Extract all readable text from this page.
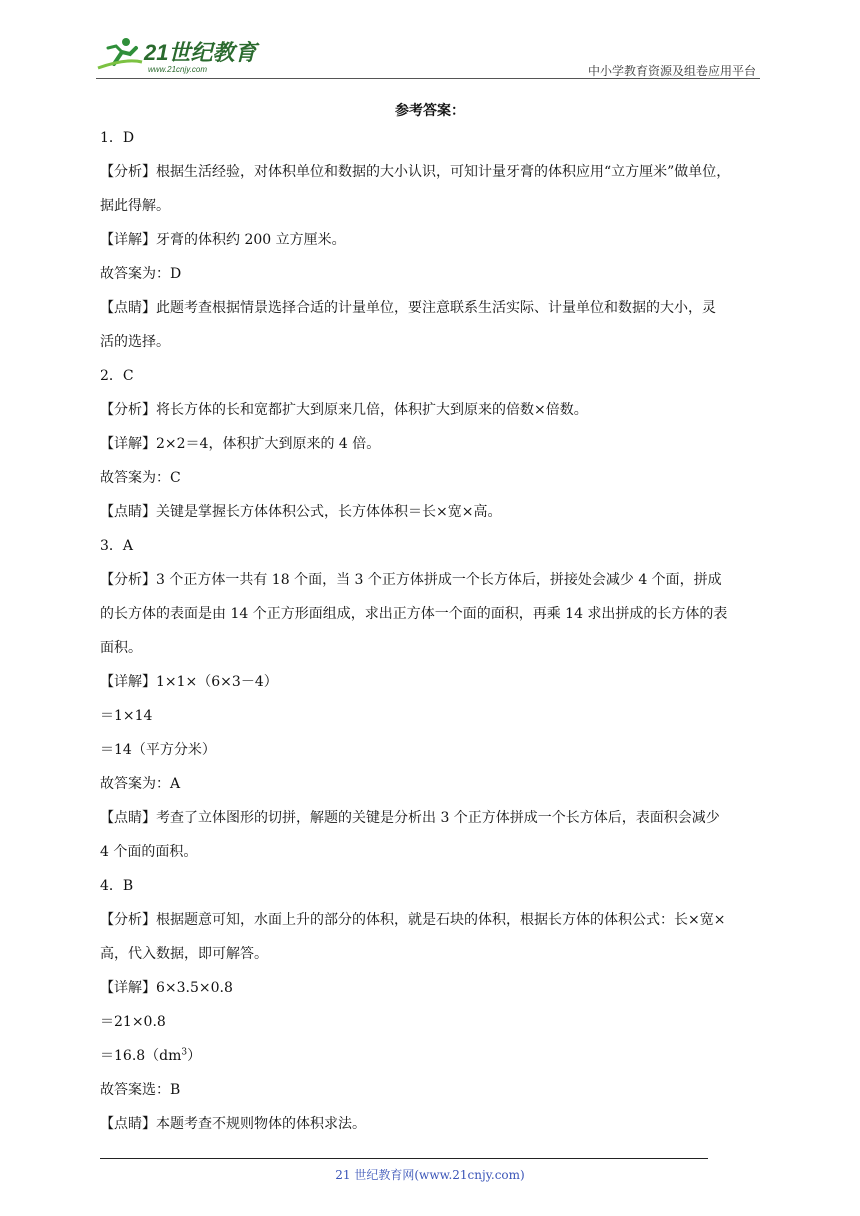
21世纪教育
www.21cnjy.com	中小学教育资源及组卷应用平台
参考答案：
1．D
【分析】根据生活经验，对体积单位和数据的大小认识，可知计量牙膏的体积应用“立方厘米”做单位，
据此得解。
【详解】牙膏的体积约 200 立方厘米。
故答案为：D
【点睛】此题考查根据情景选择合适的计量单位，要注意联系生活实际、计量单位和数据的大小，灵
活的选择。
2．C
【分析】将长方体的长和宽都扩大到原来几倍，体积扩大到原来的倍数×倍数。
【详解】2×2＝4，体积扩大到原来的 4 倍。
故答案为：C
【点睛】关键是掌握长方体体积公式，长方体体积＝长×宽×高。
3．A
【分析】3 个正方体一共有 18 个面，当 3 个正方体拼成一个长方体后，拼接处会减少 4 个面，拼成
的长方体的表面是由 14 个正方形面组成，求出正方体一个面的面积，再乘 14 求出拼成的长方体的表
面积。
【详解】1×1×（6×3－4）
＝1×14
＝14（平方分米）
故答案为：A
【点睛】考查了立体图形的切拼，解题的关键是分析出 3 个正方体拼成一个长方体后，表面积会减少
4 个面的面积。
4．B
【分析】根据题意可知，水面上升的部分的体积，就是石块的体积，根据长方体的体积公式：长×宽×
高，代入数据，即可解答。
【详解】6×3.5×0.8
＝21×0.8
$=16.8(dm^3)$
故答案选：B
【点睛】本题考查不规则物体的体积求法。
21 世纪教育网(www.21cnjy.com)
